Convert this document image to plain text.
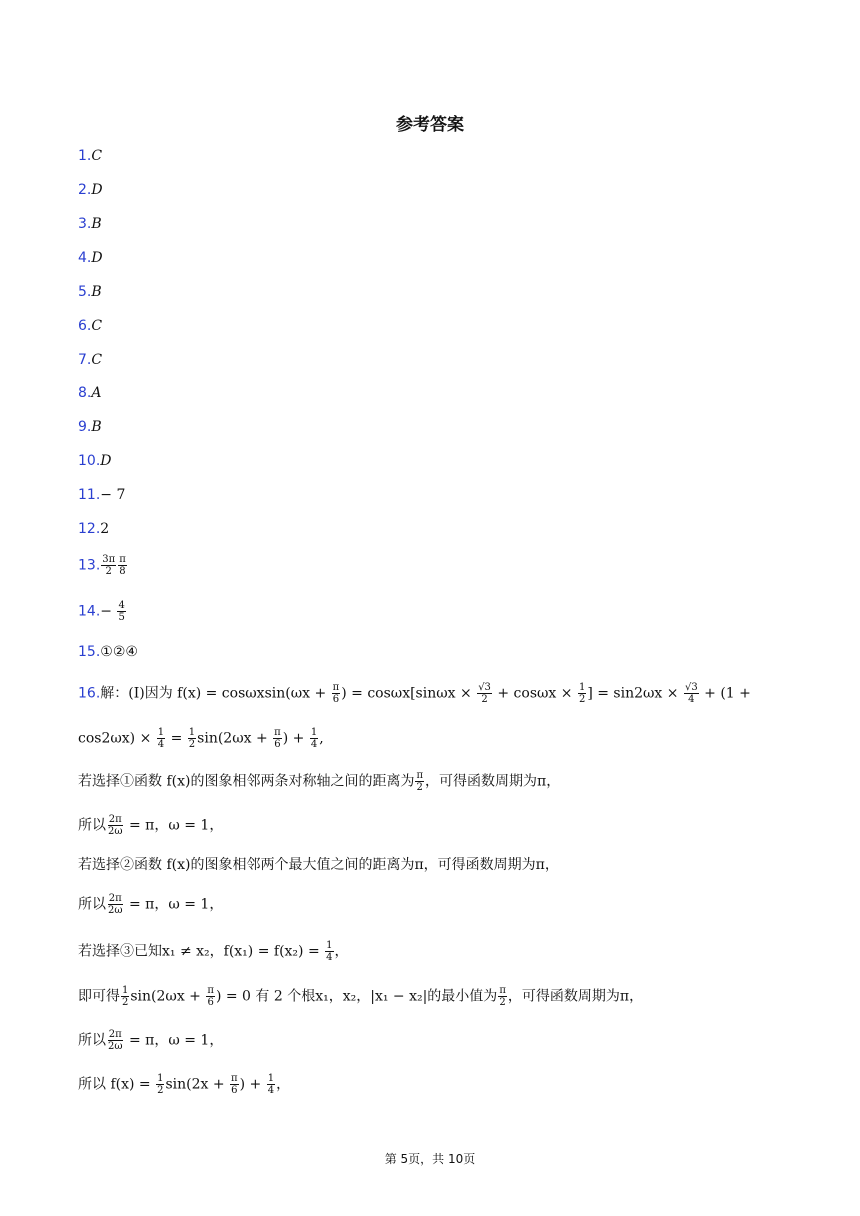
参考答案
1.C
2.D
3.B
4.D
5.B
6.C
7.C
8.A
9.B
10.D
11.− 7
12.2
13. $\frac{3\pi}{2} \frac{\pi}{8}$
$14.- \frac{4}{5}$
15.①②④
16.解：(I)因为 $f(x) = \cos\omega xsin(\omega x + \frac{\pi}{6}$ ) = $\cos\omega x[\sin\omega x \times \frac{√3}{2} + \cos\omega x \times \frac{1}{2}$ ] = $\sin 2\omega x \times \frac{√3}{4} + (1$ +
$\cos 2\omega x) \times \frac{1}{4} = \frac{1}{2} \sin(2\omega x + \frac{\pi}{6}$ ) + $\frac{1}{4}$ ,
若选择①函数 f(x)的图象相邻两条对称轴之间的距离为 $\frac{\pi}{2}$ ，可得函数周期为π，
所以 $\frac{2\pi}{2\omega} = \pi$，ω = 1，
若选择②函数 f(x)的图象相邻两个最大值之间的距离为π，可得函数周期为π，
所以 $\frac{2\pi}{2\omega} = \pi$，ω = 1，
若选择③已知x₁ ≠ x₂，$f(x_1) = f(x_2) = \frac{1}{4}$ ，
即可得 $\frac{1}{2} \sin(2\omega x + \frac{\pi}{6}$ ) = 0 有 2 个根x₁，x₂，|x₁ − x₂|的最小值为 $\frac{\pi}{2}$ ，可得函数周期为π，
所以 $\frac{2\pi}{2\omega} = \pi$，ω = 1，
所以 $f(x) = \frac{1}{2} \sin(2x + \frac{\pi}{6}$ ) + $\frac{1}{4}$ ，
第 5页，共 10页
